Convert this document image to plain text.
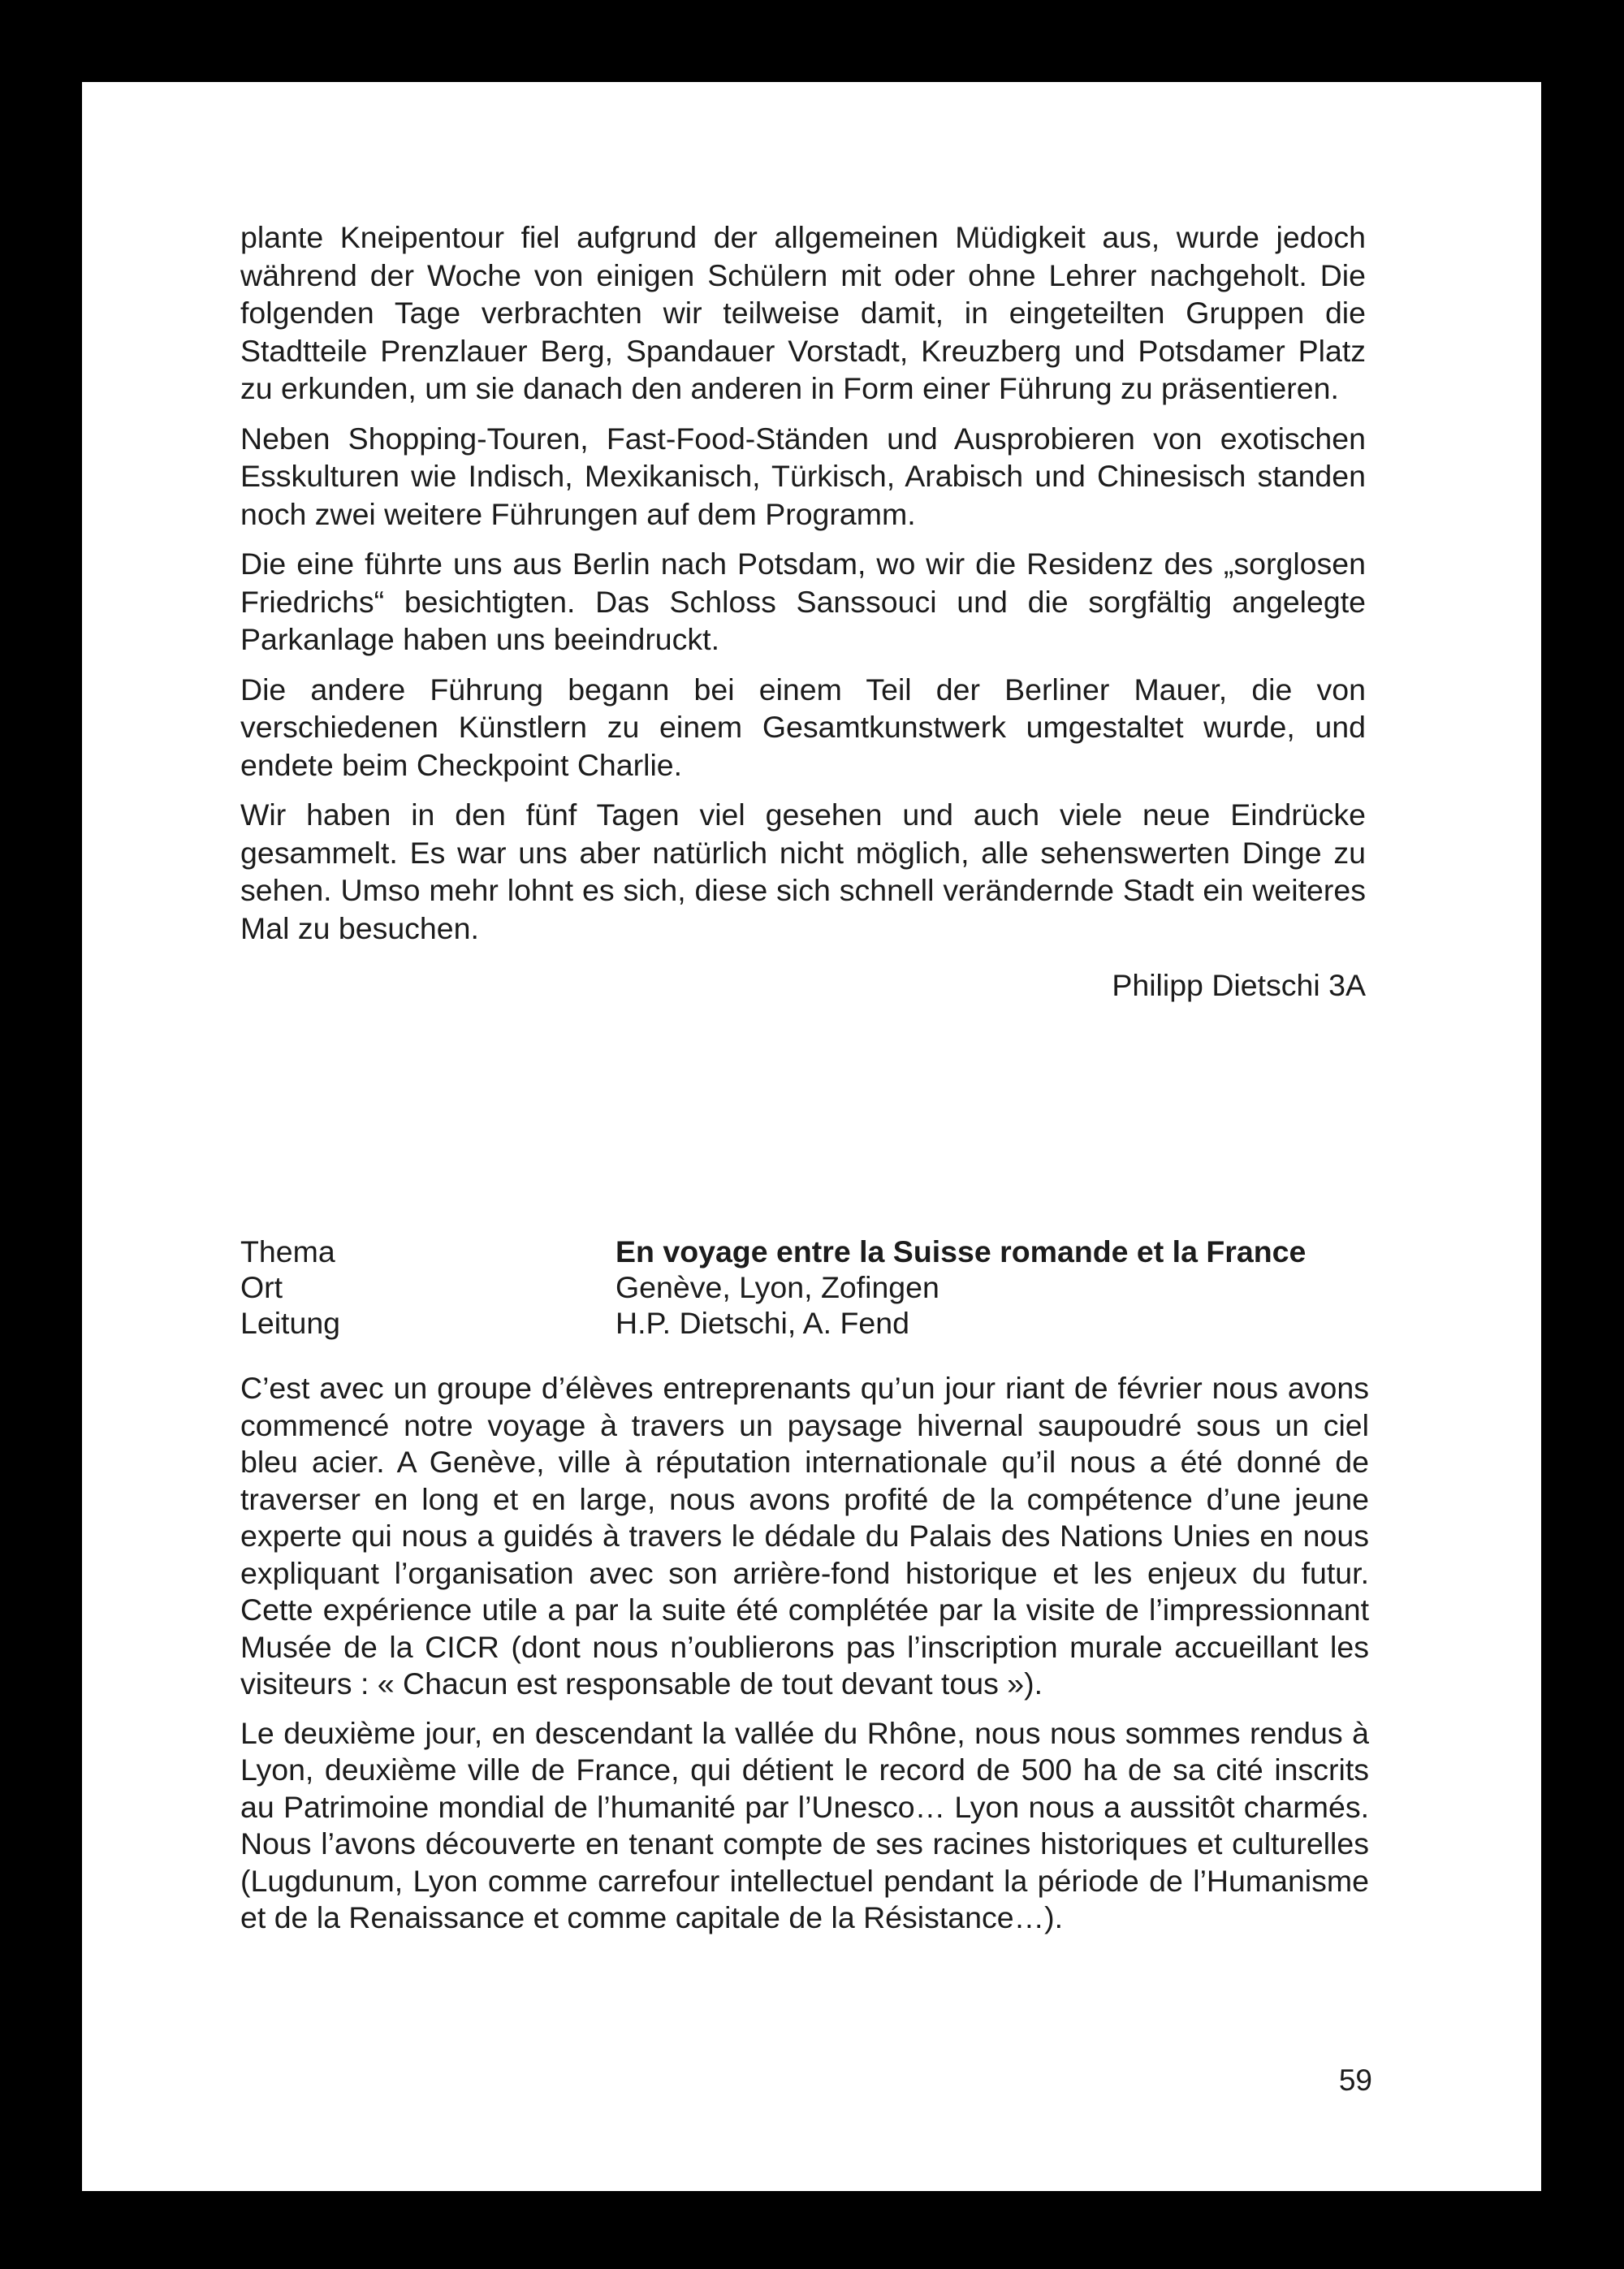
plante Kneipentour fiel aufgrund der allgemeinen Müdigkeit aus, wurde jedoch während der Woche von einigen Schülern mit oder ohne Lehrer nachgeholt. Die folgenden Tage verbrachten wir teilweise damit, in eingeteilten Gruppen die Stadtteile Prenzlauer Berg, Spandauer Vorstadt, Kreuzberg und Potsdamer Platz zu erkunden, um sie danach den anderen in Form einer Führung zu präsentieren.

Neben Shopping-Touren, Fast-Food-Ständen und Ausprobieren von exotischen Esskulturen wie Indisch, Mexikanisch, Türkisch, Arabisch und Chinesisch standen noch zwei weitere Führungen auf dem Programm.

Die eine führte uns aus Berlin nach Potsdam, wo wir die Residenz des „sorglosen Friedrichs“ besichtigten. Das Schloss Sanssouci und die sorgfältig angelegte Parkanlage haben uns beeindruckt.

Die andere Führung begann bei einem Teil der Berliner Mauer, die von verschiedenen Künstlern zu einem Gesamtkunstwerk umgestaltet wurde, und endete beim Checkpoint Charlie.

Wir haben in den fünf Tagen viel gesehen und auch viele neue Eindrücke gesammelt. Es war uns aber natürlich nicht möglich, alle sehenswerten Dinge zu sehen. Umso mehr lohnt es sich, diese sich schnell verändernde Stadt ein weiteres Mal zu besuchen.

Philipp Dietschi 3A
Thema	En voyage entre la Suisse romande et la France
Ort	Genève, Lyon, Zofingen
Leitung	H.P. Dietschi, A. Fend

C’est avec un groupe d’élèves entreprenants qu’un jour riant de février nous avons commencé notre voyage à travers un paysage hivernal saupoudré sous un ciel bleu acier. A Genève, ville à réputation internationale qu’il nous a été donné de traverser en long et en large, nous avons profité de la compétence d’une jeune experte qui nous a guidés à travers le dédale du Palais des Nations Unies en nous expliquant l’organisation avec son arrière-fond historique et les enjeux du futur. Cette expérience utile a par la suite été complétée par la visite de l’impressionnant Musée de la CICR (dont nous n’oublierons pas l’inscription murale accueillant les visiteurs : « Chacun est responsable de tout devant tous »).

Le deuxième jour, en descendant la vallée du Rhône, nous nous sommes rendus à Lyon, deuxième ville de France, qui détient le record de 500 ha de sa cité inscrits au Patrimoine mondial de l’humanité par l’Unesco… Lyon nous a aussitôt charmés. Nous l’avons découverte en tenant compte de ses racines historiques et culturelles (Lugdunum, Lyon comme carrefour intellectuel pendant la période de l’Humanisme et de la Renaissance et comme capitale de la Résistance…).

59
